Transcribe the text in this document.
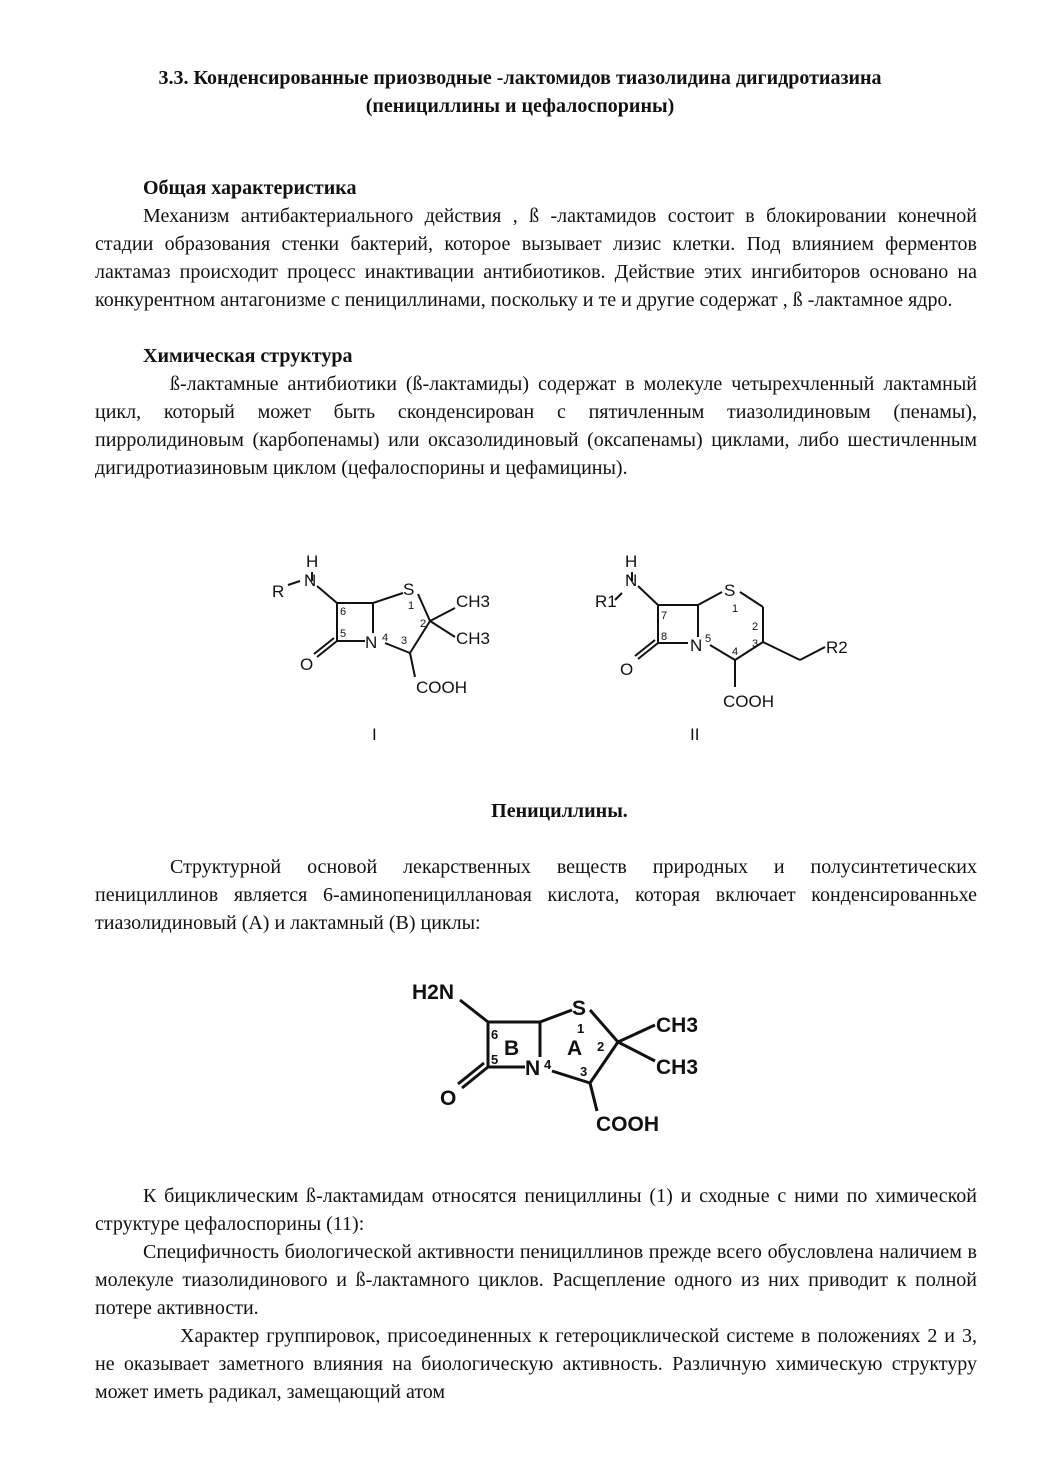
3.3. Конденсированные приозводные -лактомидов тиазолидина дигидротиазина
(пенициллины и цефалоспорины)
Общая характеристика

Механизм антибактериального действия , ß -лактамидов состоит в блокировании конечной стадии образования стенки бактерий, которое вызывает лизис клетки. Под влиянием ферментов лактамаз происходит процесс инактивации антибиотиков. Действие этих ингибиторов основано на конкурентном антагонизме с пенициллинами, поскольку и те и другие содержат , ß -лактамное ядро.

Химическая структура

ß-лактамные антибиотики (ß-лактамиды) содержат в молекуле четырехчленный лактамный цикл, который может быть сконденсирован с пятичленным тиазолидиновым (пенамы), пирролидиновым (карбопенамы) или оксазолидиновый (оксапенамы) циклами, либо шестичленным дигидротиазиновым циклом (цефалоспорины и цефамицины).

H
N
R	S
N
O
CH3
CH3
COOH
6
5	4
1
2
3
I
H
N
R1
S
N
O
R2
COOH
7
8	5
4
1
2
3
II
Пенициллины.

Структурной основой лекарственных веществ природных и полусинтетических пенициллинов является 6-аминопенициллановая кислота, которая включает конденсированньхе тиазолидиновый (А) и лактамный (В) циклы:

H2N
S
N
O
B A
CH3
CH3
COOH
6
5	4
1
2
3

К бициклическим ß-лактамидам относятся пенициллины (1) и сходные с ними по химической структуре цефалоспорины (11):

Специфичность биологической активности пенициллинов прежде всего обусловлена наличием в молекуле тиазолидинового и ß-лактамного циклов. Расщепление одного из них приводит к полной потере активности.

Характер группировок, присоединенных к гетероциклической системе в положениях 2 и 3, не оказывает заметного влияния на биологическую активность. Различную химическую структуру может иметь радикал, замещающий атом
